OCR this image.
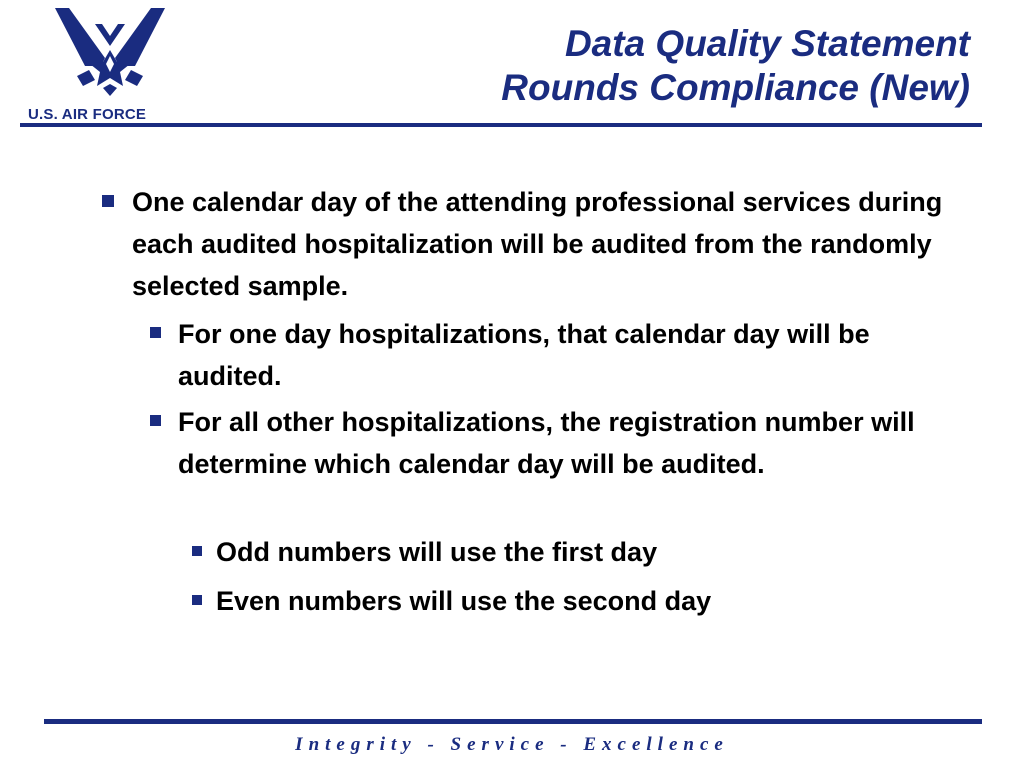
U.S. AIR FORCE
Data Quality Statement
Rounds Compliance (New)
One calendar day of the attending professional services during each audited hospitalization will be audited from the randomly selected sample.
For one day hospitalizations, that calendar day will be audited.
For all other hospitalizations, the registration number will determine which calendar day will be audited.
Odd numbers will use the first day
Even numbers will use the second day
Integrity - Service - Excellence
